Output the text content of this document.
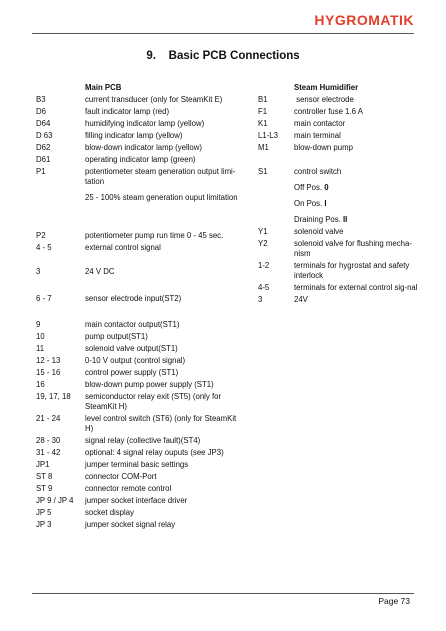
HYGROMATIK
9.    Basic PCB Connections
Main PCB
B3	current transducer (only for SteamKit E)
D6	fault indicator lamp (red)
D64	humidifying indicator lamp (yellow)
D 63	filling indicator lamp (yellow)
D62	blow-down indicator lamp (yellow)
D61	operating indicator lamp (green)
P1	potentiometer steam generation output limi-tation
25 - 100% steam generation ouput limitation
P2	potentiometer pump run time 0 - 45 sec.
4 - 5	external control signal
3	24 V DC
6 - 7	sensor electrode input(ST2)
9	main contactor output(ST1)
10	pump output(ST1)
11	solenoid valve output(ST1)
12 - 13	0-10 V output (control signal)
15 - 16	control power supply (ST1)
16	blow-down pump power supply (ST1)
19, 17, 18	semiconductor relay exit (ST5) (only for SteamKit H)
21 - 24	level control switch (ST6) (only for SteamKit H)
28 - 30	signal relay (collective fault)(ST4)
31 - 42	optional: 4 signal relay ouputs (see JP3)
JP1	jumper terminal basic settings
ST 8	connector COM-Port
ST 9	connector remote control
JP 9 / JP 4	jumper socket interface driver
JP 5	socket display
JP 3	jumper socket signal relay
Steam Humidifier
B1	sensor electrode
F1	controller fuse 1.6 A
K1	main contactor
L1-L3	main terminal
M1	blow-down pump
S1	control switch
Off Pos. 0
On Pos. I
Draining Pos. II
Y1	solenoid valve
Y2	solenoid valve for flushing mecha-nism
1-2	terminals for hygrostat and safety interlock
4-5	terminals for external control sig-nal
3	24V
Page 73
